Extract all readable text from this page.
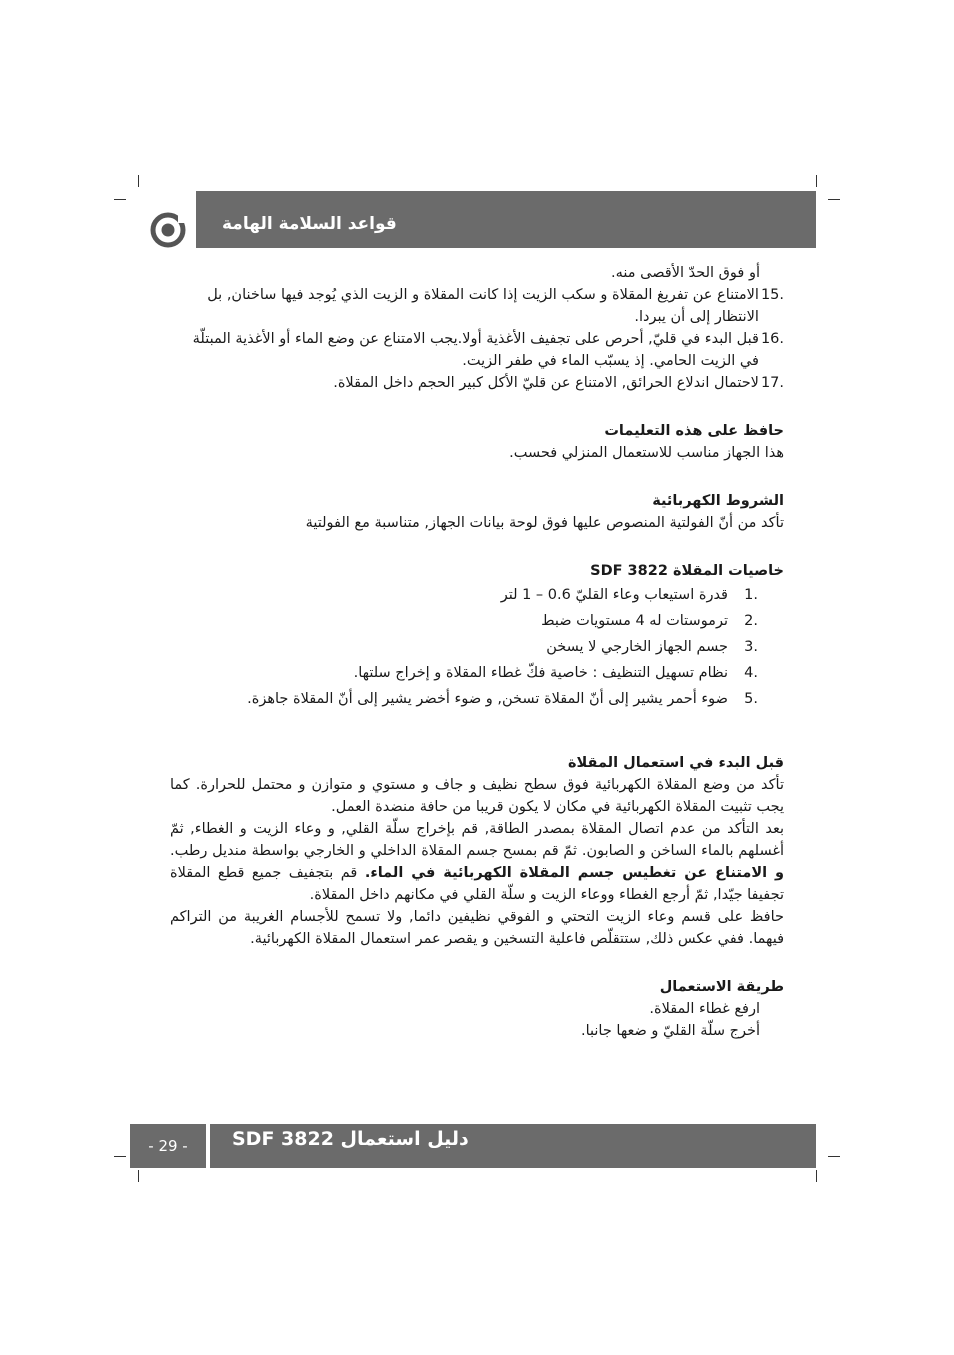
قواعد السلامة الهامة
أو فوق الحدّ الأقصى منه.
15.
الامتناع عن تفريغ المقلاة و سكب الزيت إذا كانت المقلاة و الزيت الذي يُوجد فيها ساخنان, بل الانتظار إلى أن يبردا.
16.
قبل البدء في قليّ, أحرص على تجفيف الأغذية أولا.يجب الامتناع عن وضع الماء أو الأغذية المبتلّة في الزيت الحامي. إذ يسبّب الماء في طفر الزيت.
17.
لاحتمال اندلاع الحرائق, الامتناع عن قليّ الأكل كبير الحجم داخل المقلاة.

حافظ على هذه التعليمات

هذا الجهاز مناسب للاستعمال المنزلي فحسب.

الشروط الكهربائية

تأكد من أنّ الفولتية المنصوص عليها فوق لوحة بيانات الجهاز, متناسبة مع الفولتية

خاصيات المقلاة SDF 3822

1.
قدرة استيعاب وعاء القليّ 0.6 – 1 لتر
2.
ترموستات له 4 مستويات ضبط
3.
جسم الجهاز الخارجي لا يسخن
4.
نظام تسهيل التنظيف : خاصية فكّ غطاء المقلاة و إخراج سلتها.
5.
ضوء أحمر يشير إلى أنّ المقلاة تسخن, و ضوء أخضر يشير إلى أنّ المقلاة جاهزة.

قبل البدء في استعمال المقلاة

تأكد من وضع المقلاة الكهربائية فوق سطح نظيف و جاف و مستوي و متوازن و محتمل للحرارة. كما يجب تثبيت المقلاة الكهربائية في مكان لا يكون قريبا من حافة منضدة العمل.

بعد التأكد من عدم اتصال المقلاة بمصدر الطاقة, قم بإخراج سلّة القلي, و وعاء الزيت و الغطاء, ثمّ أغسلهم بالماء الساخن و الصابون. ثمّ قم بمسح جسم المقلاة الداخلي و الخارجي بواسطة منديل رطب. و الامتناع عن تغطيس جسم المقلاة الكهربائية في الماء. قم بتجفيف جميع قطع المقلاة تجفيفا جيّدا, ثمّ أرجع الغطاء ووعاء الزيت و سلّة القلي في مكانهم داخل المقلاة.

حافظ على قسم وعاء الزيت التحتي و الفوقي نظيفين دائما, ولا تسمح للأجسام الغريبة من التراكم فيهما. ففي عكس ذلك, ستتقلّص فاعلية التسخين و يقصر عمر استعمال المقلاة الكهربائية.

طريقة الاستعمال

ارفع غطاء المقلاة.

أخرج سلّة القليّ و ضعها جانبا.

- 29 -	دليل استعمال SDF 3822
